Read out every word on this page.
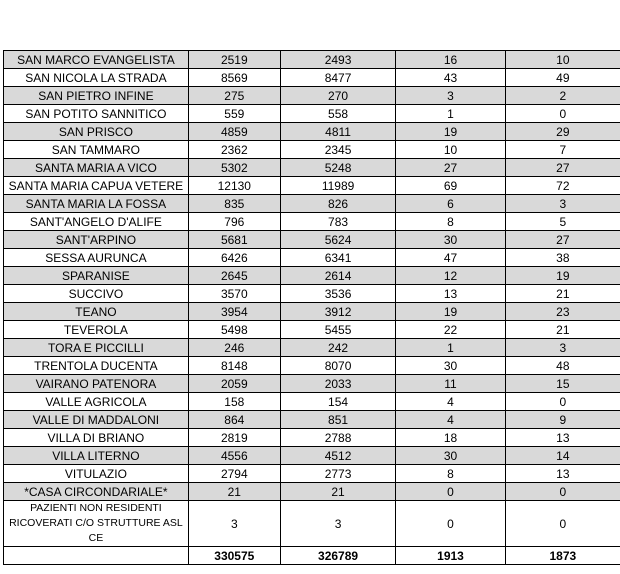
SAN MARCO EVANGELISTA	2519	2493	16	10
SAN NICOLA LA STRADA	8569	8477	43	49
SAN PIETRO INFINE	275	270	3	2
SAN POTITO SANNITICO	559	558	1	0
SAN PRISCO	4859	4811	19	29
SAN TAMMARO	2362	2345	10	7
SANTA MARIA A VICO	5302	5248	27	27
SANTA MARIA CAPUA VETERE	12130	11989	69	72
SANTA MARIA LA FOSSA	835	826	6	3
SANT'ANGELO D'ALIFE	796	783	8	5
SANT'ARPINO	5681	5624	30	27
SESSA AURUNCA	6426	6341	47	38
SPARANISE	2645	2614	12	19
SUCCIVO	3570	3536	13	21
TEANO	3954	3912	19	23
TEVEROLA	5498	5455	22	21
TORA E PICCILLI	246	242	1	3
TRENTOLA DUCENTA	8148	8070	30	48
VAIRANO PATENORA	2059	2033	11	15
VALLE AGRICOLA	158	154	4	0
VALLE DI MADDALONI	864	851	4	9
VILLA DI BRIANO	2819	2788	18	13
VILLA LITERNO	4556	4512	30	14
VITULAZIO	2794	2773	8	13
*CASA CIRCONDARIALE*	21	21	0	0
PAZIENTI NON RESIDENTI RICOVERATI C/O STRUTTURE ASL CE	3	3	0	0
	330575	326789	1913	1873
